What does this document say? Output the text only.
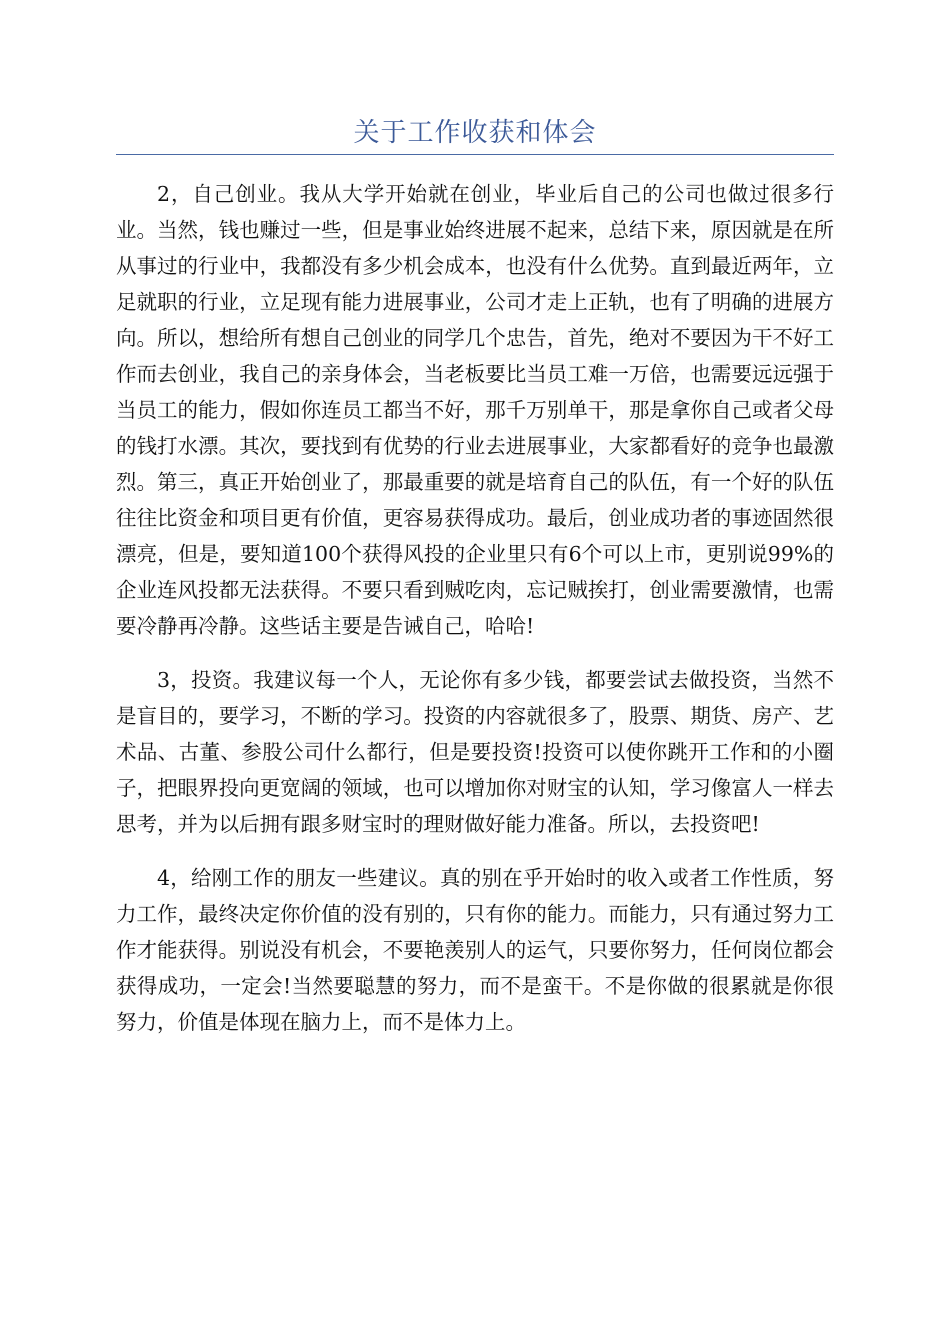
关于工作收获和体会

2，自己创业。我从大学开始就在创业，毕业后自己的公司也做过很多行业。当然，钱也赚过一些，但是事业始终进展不起来，总结下来，原因就是在所从事过的行业中，我都没有多少机会成本，也没有什么优势。直到最近两年，立足就职的行业，立足现有能力进展事业，公司才走上正轨，也有了明确的进展方向。所以，想给所有想自己创业的同学几个忠告，首先，绝对不要因为干不好工作而去创业，我自己的亲身体会，当老板要比当员工难一万倍，也需要远远强于当员工的能力，假如你连员工都当不好，那千万别单干，那是拿你自己或者父母的钱打水漂。其次，要找到有优势的行业去进展事业，大家都看好的竞争也最激烈。第三，真正开始创业了，那最重要的就是培育自己的队伍，有一个好的队伍往往比资金和项目更有价值，更容易获得成功。最后，创业成功者的事迹固然很漂亮，但是，要知道100个获得风投的企业里只有6个可以上市，更别说99%的企业连风投都无法获得。不要只看到贼吃肉，忘记贼挨打，创业需要激情，也需要冷静再冷静。这些话主要是告诫自己，哈哈!

3，投资。我建议每一个人，无论你有多少钱，都要尝试去做投资，当然不是盲目的，要学习，不断的学习。投资的内容就很多了，股票、期货、房产、艺术品、古董、参股公司什么都行，但是要投资!投资可以使你跳开工作和的小圈子，把眼界投向更宽阔的领域，也可以增加你对财宝的认知，学习像富人一样去思考，并为以后拥有跟多财宝时的理财做好能力准备。所以，去投资吧!

4，给刚工作的朋友一些建议。真的别在乎开始时的收入或者工作性质，努力工作，最终决定你价值的没有别的，只有你的能力。而能力，只有通过努力工作才能获得。别说没有机会，不要艳羡别人的运气，只要你努力，任何岗位都会获得成功，一定会!当然要聪慧的努力，而不是蛮干。不是你做的很累就是你很努力，价值是体现在脑力上，而不是体力上。
